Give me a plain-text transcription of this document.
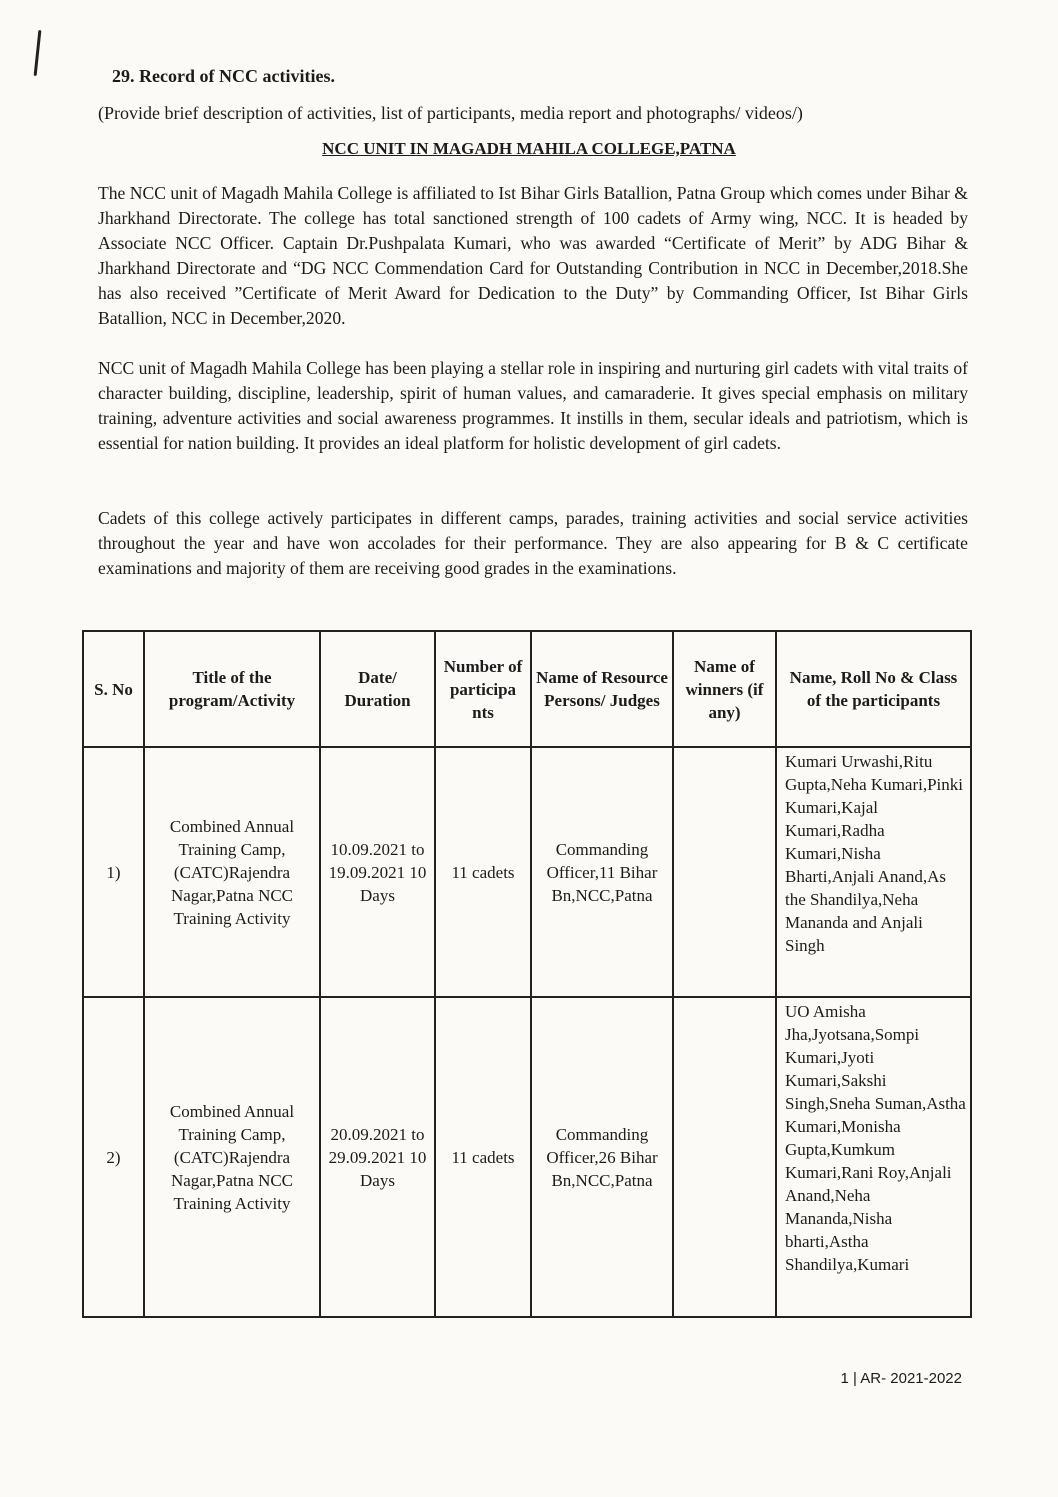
29. Record of NCC activities.
(Provide brief description of activities, list of participants, media report and photographs/ videos/)
NCC UNIT IN MAGADH MAHILA COLLEGE,PATNA

The NCC unit of Magadh Mahila College is affiliated to Ist Bihar Girls Batallion, Patna Group which comes under Bihar & Jharkhand Directorate. The college has total sanctioned strength of 100 cadets of Army wing, NCC. It is headed by Associate NCC Officer. Captain Dr.Pushpalata Kumari, who was awarded “Certificate of Merit” by ADG Bihar & Jharkhand Directorate and “DG NCC Commendation Card for Outstanding Contribution in NCC in December,2018.She has also received ”Certificate of Merit Award for Dedication to the Duty” by Commanding Officer, Ist Bihar Girls Batallion, NCC in December,2020.

NCC unit of Magadh Mahila College has been playing a stellar role in inspiring and nurturing girl cadets with vital traits of character building, discipline, leadership, spirit of human values, and camaraderie. It gives special emphasis on military training, adventure activities and social awareness programmes. It instills in them, secular ideals and patriotism, which is essential for nation building. It provides an ideal platform for holistic development of girl cadets.

Cadets of this college actively participates in different camps, parades, training activities and social service activities throughout the year and have won accolades for their performance. They are also appearing for B & C certificate examinations and majority of them are receiving good grades in the examinations.

S. No	Title of the program/Activity	Date/ Duration	Number of participa nts	Name of Resource Persons/ Judges	Name of winners (if any)	Name, Roll No & Class of the participants
1)	Combined Annual Training Camp, (CATC)Rajendra Nagar,Patna NCC Training Activity	10.09.2021 to 19.09.2021 10 Days	11 cadets	Commanding Officer,11 Bihar Bn,NCC,Patna		Kumari Urwashi,Ritu Gupta,Neha Kumari,Pinki Kumari,Kajal Kumari,Radha Kumari,Nisha Bharti,Anjali Anand,As the Shandilya,Neha Mananda and Anjali Singh
2)	Combined Annual Training Camp, (CATC)Rajendra Nagar,Patna NCC Training Activity	20.09.2021 to 29.09.2021 10 Days	11 cadets	Commanding Officer,26 Bihar Bn,NCC,Patna		UO Amisha Jha,Jyotsana,Sompi Kumari,Jyoti Kumari,Sakshi Singh,Sneha Suman,Astha Kumari,Monisha Gupta,Kumkum Kumari,Rani Roy,Anjali Anand,Neha Mananda,Nisha bharti,Astha Shandilya,Kumari
1 | AR- 2021-2022
